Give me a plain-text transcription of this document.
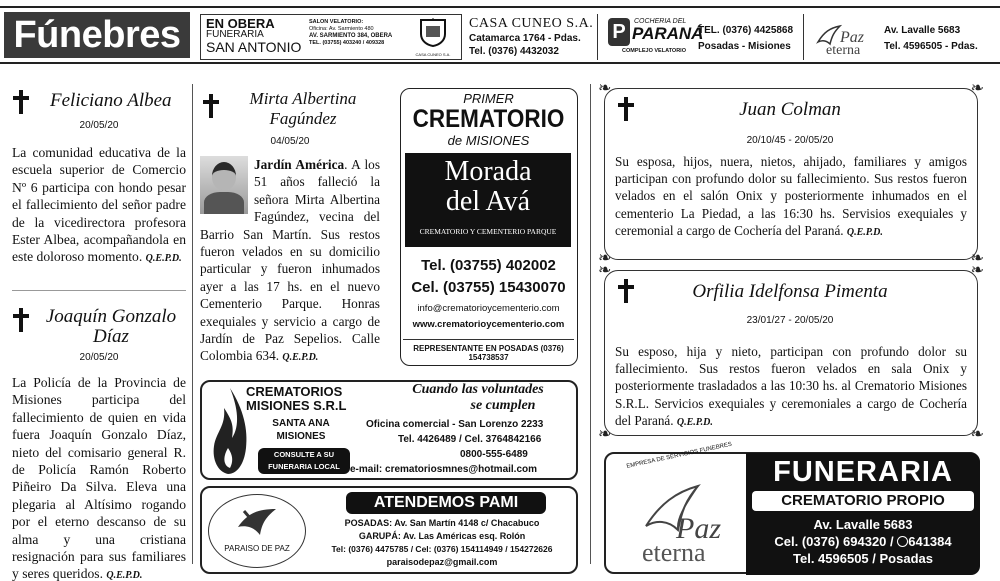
Fúnebres	EN OBERA
FUNERARIA
SAN ANTONIO
SALON VELATORIO:
Oficina: Av. Sarmiento 480
AV. SARMIENTO 384, OBERA
TEL. (03755) 403240 / 409328
CASA CUNEO S.A.
CASA CUNEO S.A.
Catamarca 1764 - Pdas.
Tel. (0376) 4432032
P	COCHERIA DEL
PARANÁ
COMPLEJO VELATORIO
TEL. (0376) 4425868
Posadas - Misiones
Paz
eterna
Av. Lavalle 5683
Tel. 4596505 - Pdas.
Feliciano Albea
20/05/20
La comunidad educativa de la escuela superior de Comercio Nº 6 participa con hondo pesar el fallecimiento del señor padre de la vicedirectora profesora Ester Albea, acompañandola en este doloroso momento. Q.E.P.D.
Joaquín Gonzalo
Díaz
20/05/20
La Policía de la Provincia de Misiones participa del fallecimiento de quien en vida fuera Joaquín Gonzalo Díaz, nieto del comisario general R. de Policía Ramón Roberto Piñeiro Da Silva. Eleva una plegaria al Altísimo rogando por el eterno descanso de su alma y una cristiana resignación para sus familiares y seres queridos. Q.E.P.D.
Mirta Albertina
Fagúndez
04/05/20
Jardín América. A los 51 años falleció la señora Mirta Albertina Fagúndez, vecina del Barrio San Martín. Sus restos fueron velados en su domicilio particular y fueron inhumados ayer a las 17 hs. en el nuevo Cementerio Parque. Honras exequiales y servicio a cargo de Jardín de Paz Sepelios. Calle Colombia 634. Q.E.P.D.
PRIMER
CREMATORIO
de MISIONES
Morada
del Avá
CREMATORIO Y CEMENTERIO PARQUE
Tel. (03755) 402002
Cel. (03755) 15430070
info@crematorioycementerio.com
www.crematorioycementerio.com
REPRESENTANTE EN POSADAS (0376) 154738537
CREMATORIOS
MISIONES S.R.L
SANTA ANA
MISIONES
CONSULTE A SU
FUNERARIA LOCAL
Cuando las voluntades
se cumplen
Oficina comercial - San Lorenzo 2233
Tel. 4426489 / Cel. 3764842166
0800-555-6489
e-mail: crematoriosmnes@hotmail.com
PARAISO DE PAZ
ATENDEMOS PAMI
POSADAS: Av. San Martín 4148 c/ Chacabuco
GARUPÁ: Av. Las Américas esq. Rolón
Tel: (0376) 4475785 / Cel: (0376) 154114949 / 154272626
paraisodepaz@gmail.com
❧	❧
❧	❧
Juan Colman
20/10/45 - 20/05/20
Su esposa, hijos, nuera, nietos, ahijado, familiares y amigos participan con profundo dolor su fallecimiento. Sus restos fueron velados en el salón Onix y posteriormente inhumados en el cementerio La Piedad, a las 16:30 hs. Servisios exequiales y ceremonial a cargo de Cochería del Paraná. Q.E.P.D.
❧	❧
❧	❧
Orfilia Idelfonsa Pimenta
23/01/27 - 20/05/20
Su esposo, hija y nieto, participan con profundo dolor su fallecimiento. Sus restos fueron velados en sala Onix y posteriormente trasladados a las 10:30 hs. al Crematorio Misiones S.R.L. Servicios exequiales y ceremoniales a cargo de Cochería del Paraná. Q.E.P.D.
EMPRESA DE SERVICIOS FUNEBRES
Paz
eterna
FUNERARIA
CREMATORIO PROPIO
Av. Lavalle 5683
Cel. (0376) 694320 / 641384
Tel. 4596505 / Posadas
